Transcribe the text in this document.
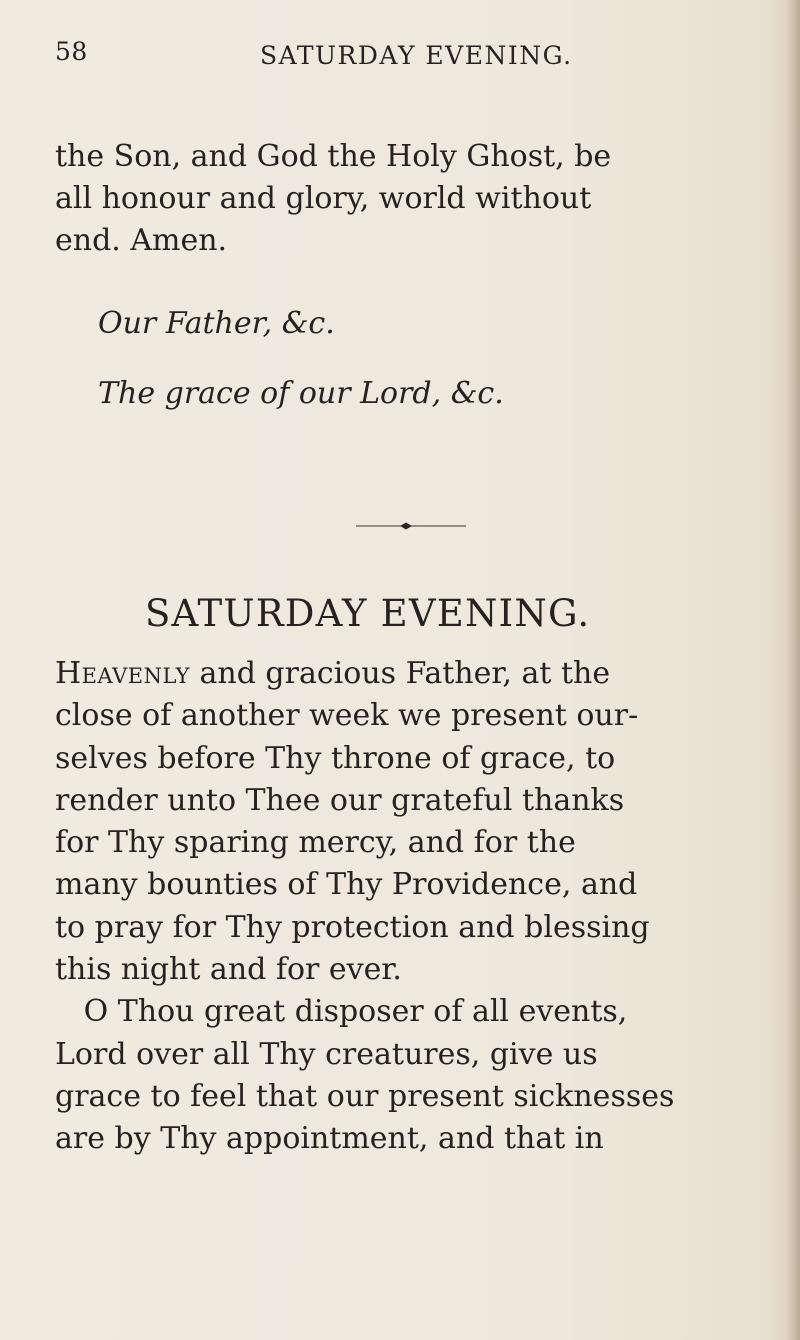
58	SATURDAY EVENING.
the Son, and God the Holy Ghost, be
all honour and glory, world without
end. Amen.
Our Father, &c.
The grace of our Lord, &c.
SATURDAY EVENING.
Heavenly and gracious Father, at the
close of another week we present our-
selves before Thy throne of grace, to
render unto Thee our grateful thanks
for Thy sparing mercy, and for the
many bounties of Thy Providence, and
to pray for Thy protection and blessing
this night and for ever.
O Thou great disposer of all events,
Lord over all Thy creatures, give us
grace to feel that our present sicknesses
are by Thy appointment, and that in
